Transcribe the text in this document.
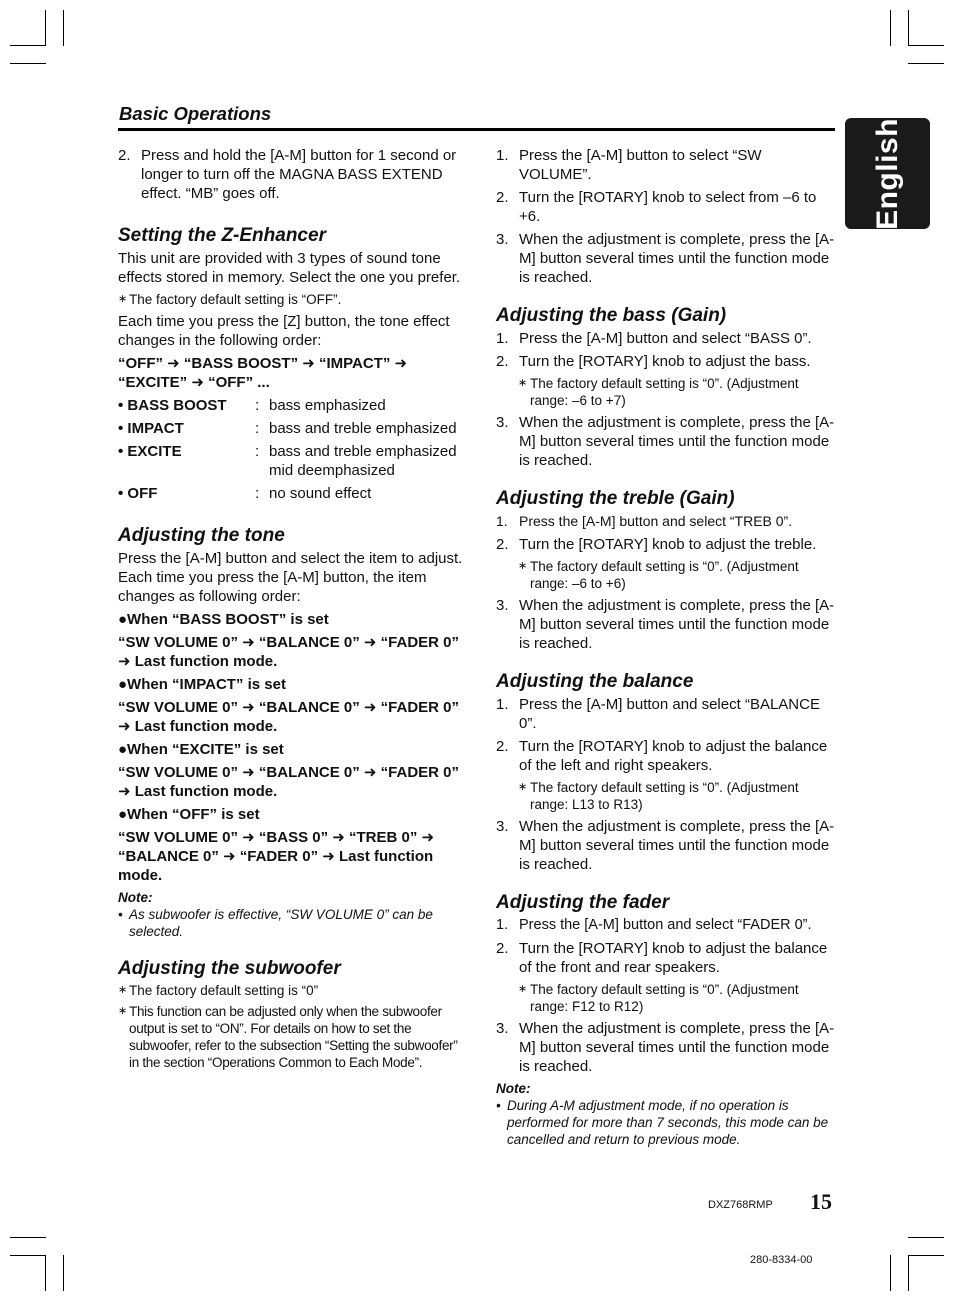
Basic Operations
English
2. Press and hold the [A-M] button for 1 second or longer to turn off the MAGNA BASS EXTEND effect. “MB” goes off.
Setting the Z-Enhancer
This unit are provided with 3 types of sound tone effects stored in memory. Select the one you prefer.
∗ The factory default setting is “OFF”.
Each time you press the [Z] button, the tone effect changes in the following order:
“OFF” ➜ “BASS BOOST” ➜ “IMPACT” ➜ “EXCITE” ➜ “OFF” ...
• BASS BOOST	: bass emphasized
• IMPACT	: bass and treble emphasized
• EXCITE	: bass and treble emphasized mid deemphasized
• OFF	: no sound effect
Adjusting the tone
Press the [A-M] button and select the item to adjust. Each time you press the [A-M] button, the item changes as following order:
●When “BASS BOOST” is set
“SW VOLUME 0” ➜ “BALANCE 0” ➜ “FADER 0” ➜ Last function mode.
●When “IMPACT” is set
“SW VOLUME 0” ➜ “BALANCE 0” ➜ “FADER 0” ➜ Last function mode.
●When “EXCITE” is set
“SW VOLUME 0” ➜ “BALANCE 0” ➜ “FADER 0” ➜ Last function mode.
●When “OFF” is set
“SW VOLUME 0” ➜ “BASS 0” ➜ “TREB 0” ➜ “BALANCE 0” ➜ “FADER 0” ➜ Last function mode.
Note:
• As subwoofer is effective, “SW VOLUME 0” can be selected.
Adjusting the subwoofer
∗ The factory default setting is “0”
∗ This function can be adjusted only when the subwoofer output is set to “ON”. For details on how to set the subwoofer, refer to the subsection “Setting the subwoofer” in the section “Operations Common to Each Mode”.
1. Press the [A-M] button to select “SW VOLUME”.
2. Turn the [ROTARY] knob to select from –6 to +6.
3. When the adjustment is complete, press the [A-M] button several times until the function mode is reached.
Adjusting the bass (Gain)
1. Press the [A-M] button and select “BASS 0”.
2. Turn the [ROTARY] knob to adjust the bass.
∗ The factory default setting is “0”. (Adjustment range: –6 to +7)
3. When the adjustment is complete, press the [A-M] button several times until the function mode is reached.
Adjusting the treble (Gain)
1. Press the [A-M] button and select “TREB 0”.
2. Turn the [ROTARY] knob to adjust the treble.
∗ The factory default setting is “0”. (Adjustment range: –6 to +6)
3. When the adjustment is complete, press the [A-M] button several times until the function mode is reached.
Adjusting the balance
1. Press the [A-M] button and select “BALANCE 0”.
2. Turn the [ROTARY] knob to adjust the balance of the left and right speakers.
∗ The factory default setting is “0”. (Adjustment range: L13 to R13)
3. When the adjustment is complete, press the [A-M] button several times until the function mode is reached.
Adjusting the fader
1. Press the [A-M] button and select “FADER 0”.
2. Turn the [ROTARY] knob to adjust the balance of the front and rear speakers.
∗ The factory default setting is “0”. (Adjustment range: F12 to R12)
3. When the adjustment is complete, press the [A-M] button several times until the function mode is reached.
Note:
• During A-M adjustment mode, if no operation is performed for more than 7 seconds, this mode can be cancelled and return to previous mode.
DXZ768RMP 15
280-8334-00
